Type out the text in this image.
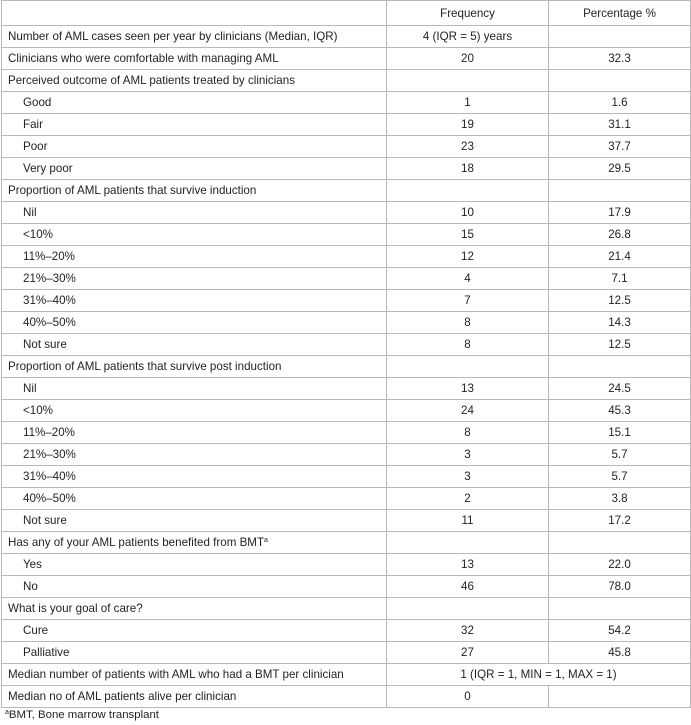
	Frequency	Percentage %
Number of AML cases seen per year by clinicians (Median, IQR)	4 (IQR = 5) years	
Clinicians who were comfortable with managing AML	20	32.3
Perceived outcome of AML patients treated by clinicians		
Good	1	1.6
Fair	19	31.1
Poor	23	37.7
Very poor	18	29.5
Proportion of AML patients that survive induction		
Nil	10	17.9
<10%	15	26.8
11%–20%	12	21.4
21%–30%	4	7.1
31%–40%	7	12.5
40%–50%	8	14.3
Not sure	8	12.5
Proportion of AML patients that survive post induction		
Nil	13	24.5
<10%	24	45.3
11%–20%	8	15.1
21%–30%	3	5.7
31%–40%	3	5.7
40%–50%	2	3.8
Not sure	11	17.2
Has any of your AML patients benefited from BMT$^a$		
Yes	13	22.0
No	46	78.0
What is your goal of care?		
Cure	32	54.2
Palliative	27	45.8
Median number of patients with AML who had a BMT per clinician	1 (IQR = 1, MIN = 1, MAX = 1)	
Median no of AML patients alive per clinician	0	
$^a$BMT, Bone marrow transplant
